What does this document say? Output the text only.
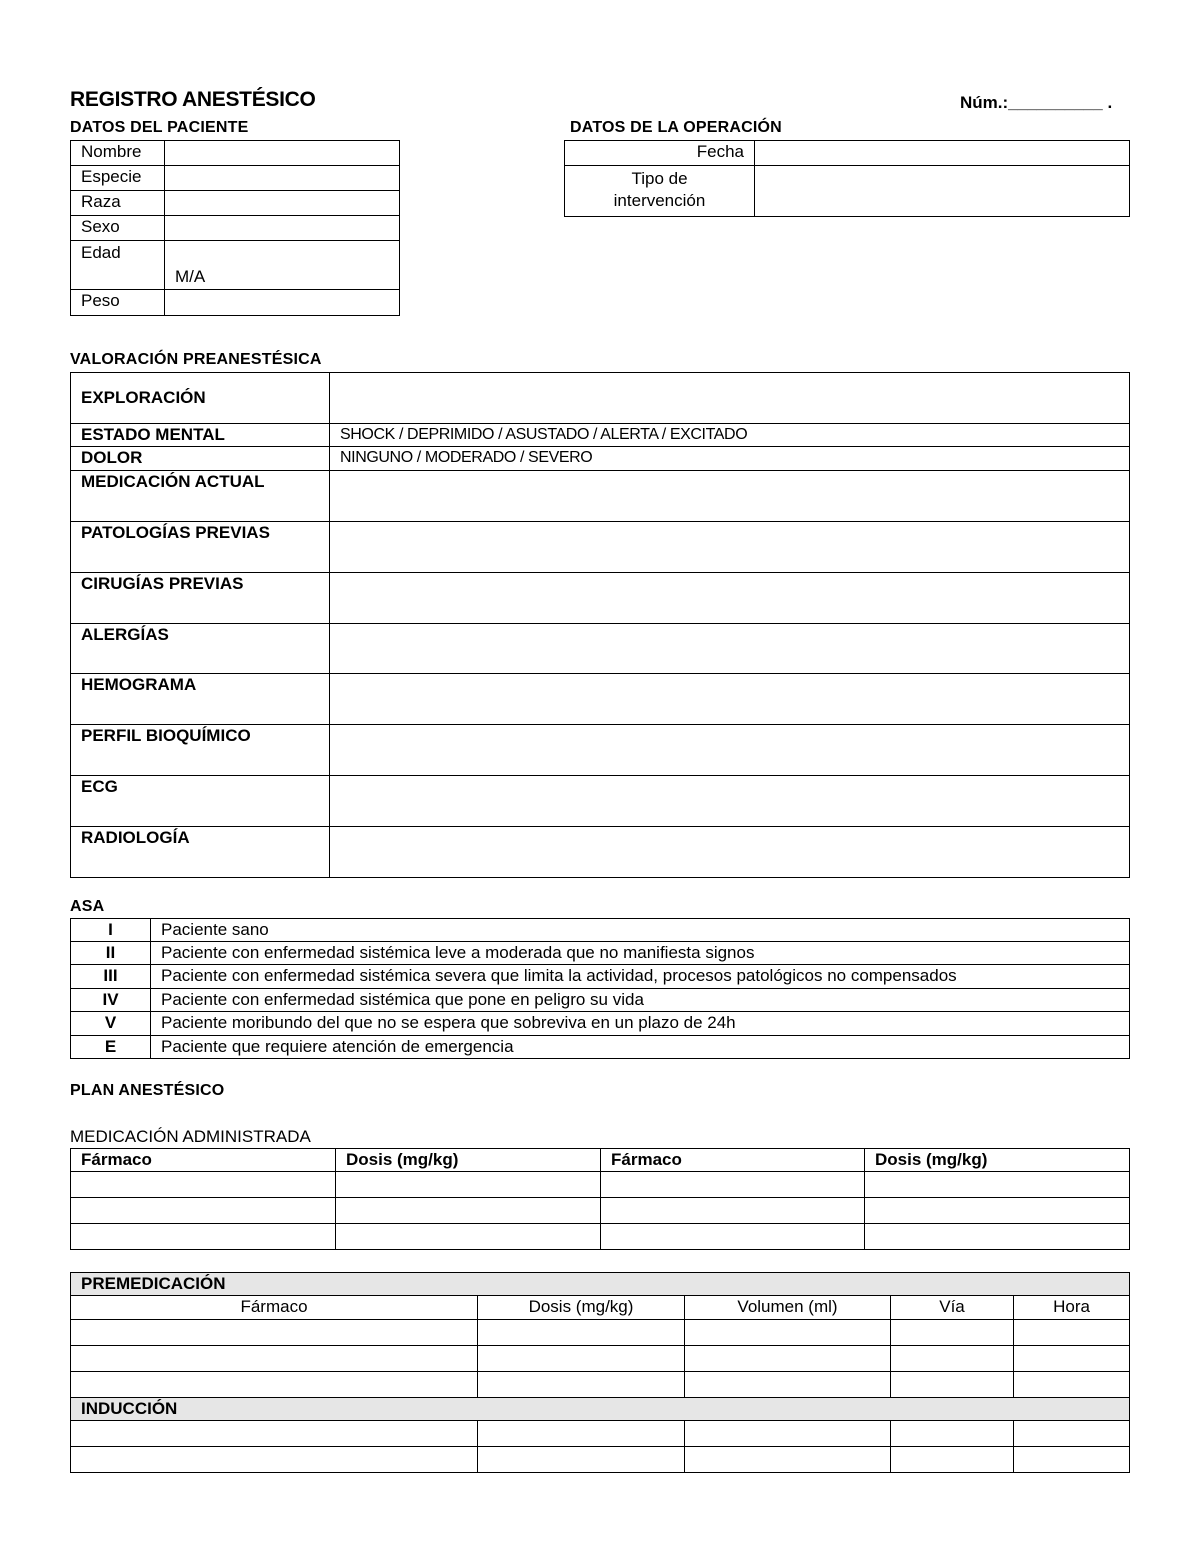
REGISTRO ANESTÉSICO	Núm.:__________ .
DATOS DEL PACIENTE
Nombre	
Especie	
Raza	
Sexo	
Edad	M/A
Peso	
DATOS DE LA OPERACIÓN
Fecha	

Tipo de
intervención	

VALORACIÓN PREANESTÉSICA
EXPLORACIÓN	
ESTADO MENTAL	SHOCK / DEPRIMIDO / ASUSTADO / ALERTA / EXCITADO
DOLOR	NINGUNO / MODERADO / SEVERO
MEDICACIÓN ACTUAL	
PATOLOGÍAS PREVIAS	
CIRUGÍAS PREVIAS	
ALERGÍAS	
HEMOGRAMA	
PERFIL BIOQUÍMICO	
ECG	
RADIOLOGÍA	
ASA
I	Paciente sano
II	Paciente con enfermedad sistémica leve a moderada que no manifiesta signos
III	Paciente con enfermedad sistémica severa que limita la actividad, procesos patológicos no compensados
IV	Paciente con enfermedad sistémica que pone en peligro su vida
V	Paciente moribundo del que no se espera que sobreviva en un plazo de 24h
E	Paciente que requiere atención de emergencia
PLAN ANESTÉSICO
MEDICACIÓN ADMINISTRADA
Fármaco	Dosis (mg/kg)	Fármaco	Dosis (mg/kg)

PREMEDICACIÓN				
Fármaco	Dosis (mg/kg)	Volumen (ml)	Vía	Hora

INDUCCIÓN				
